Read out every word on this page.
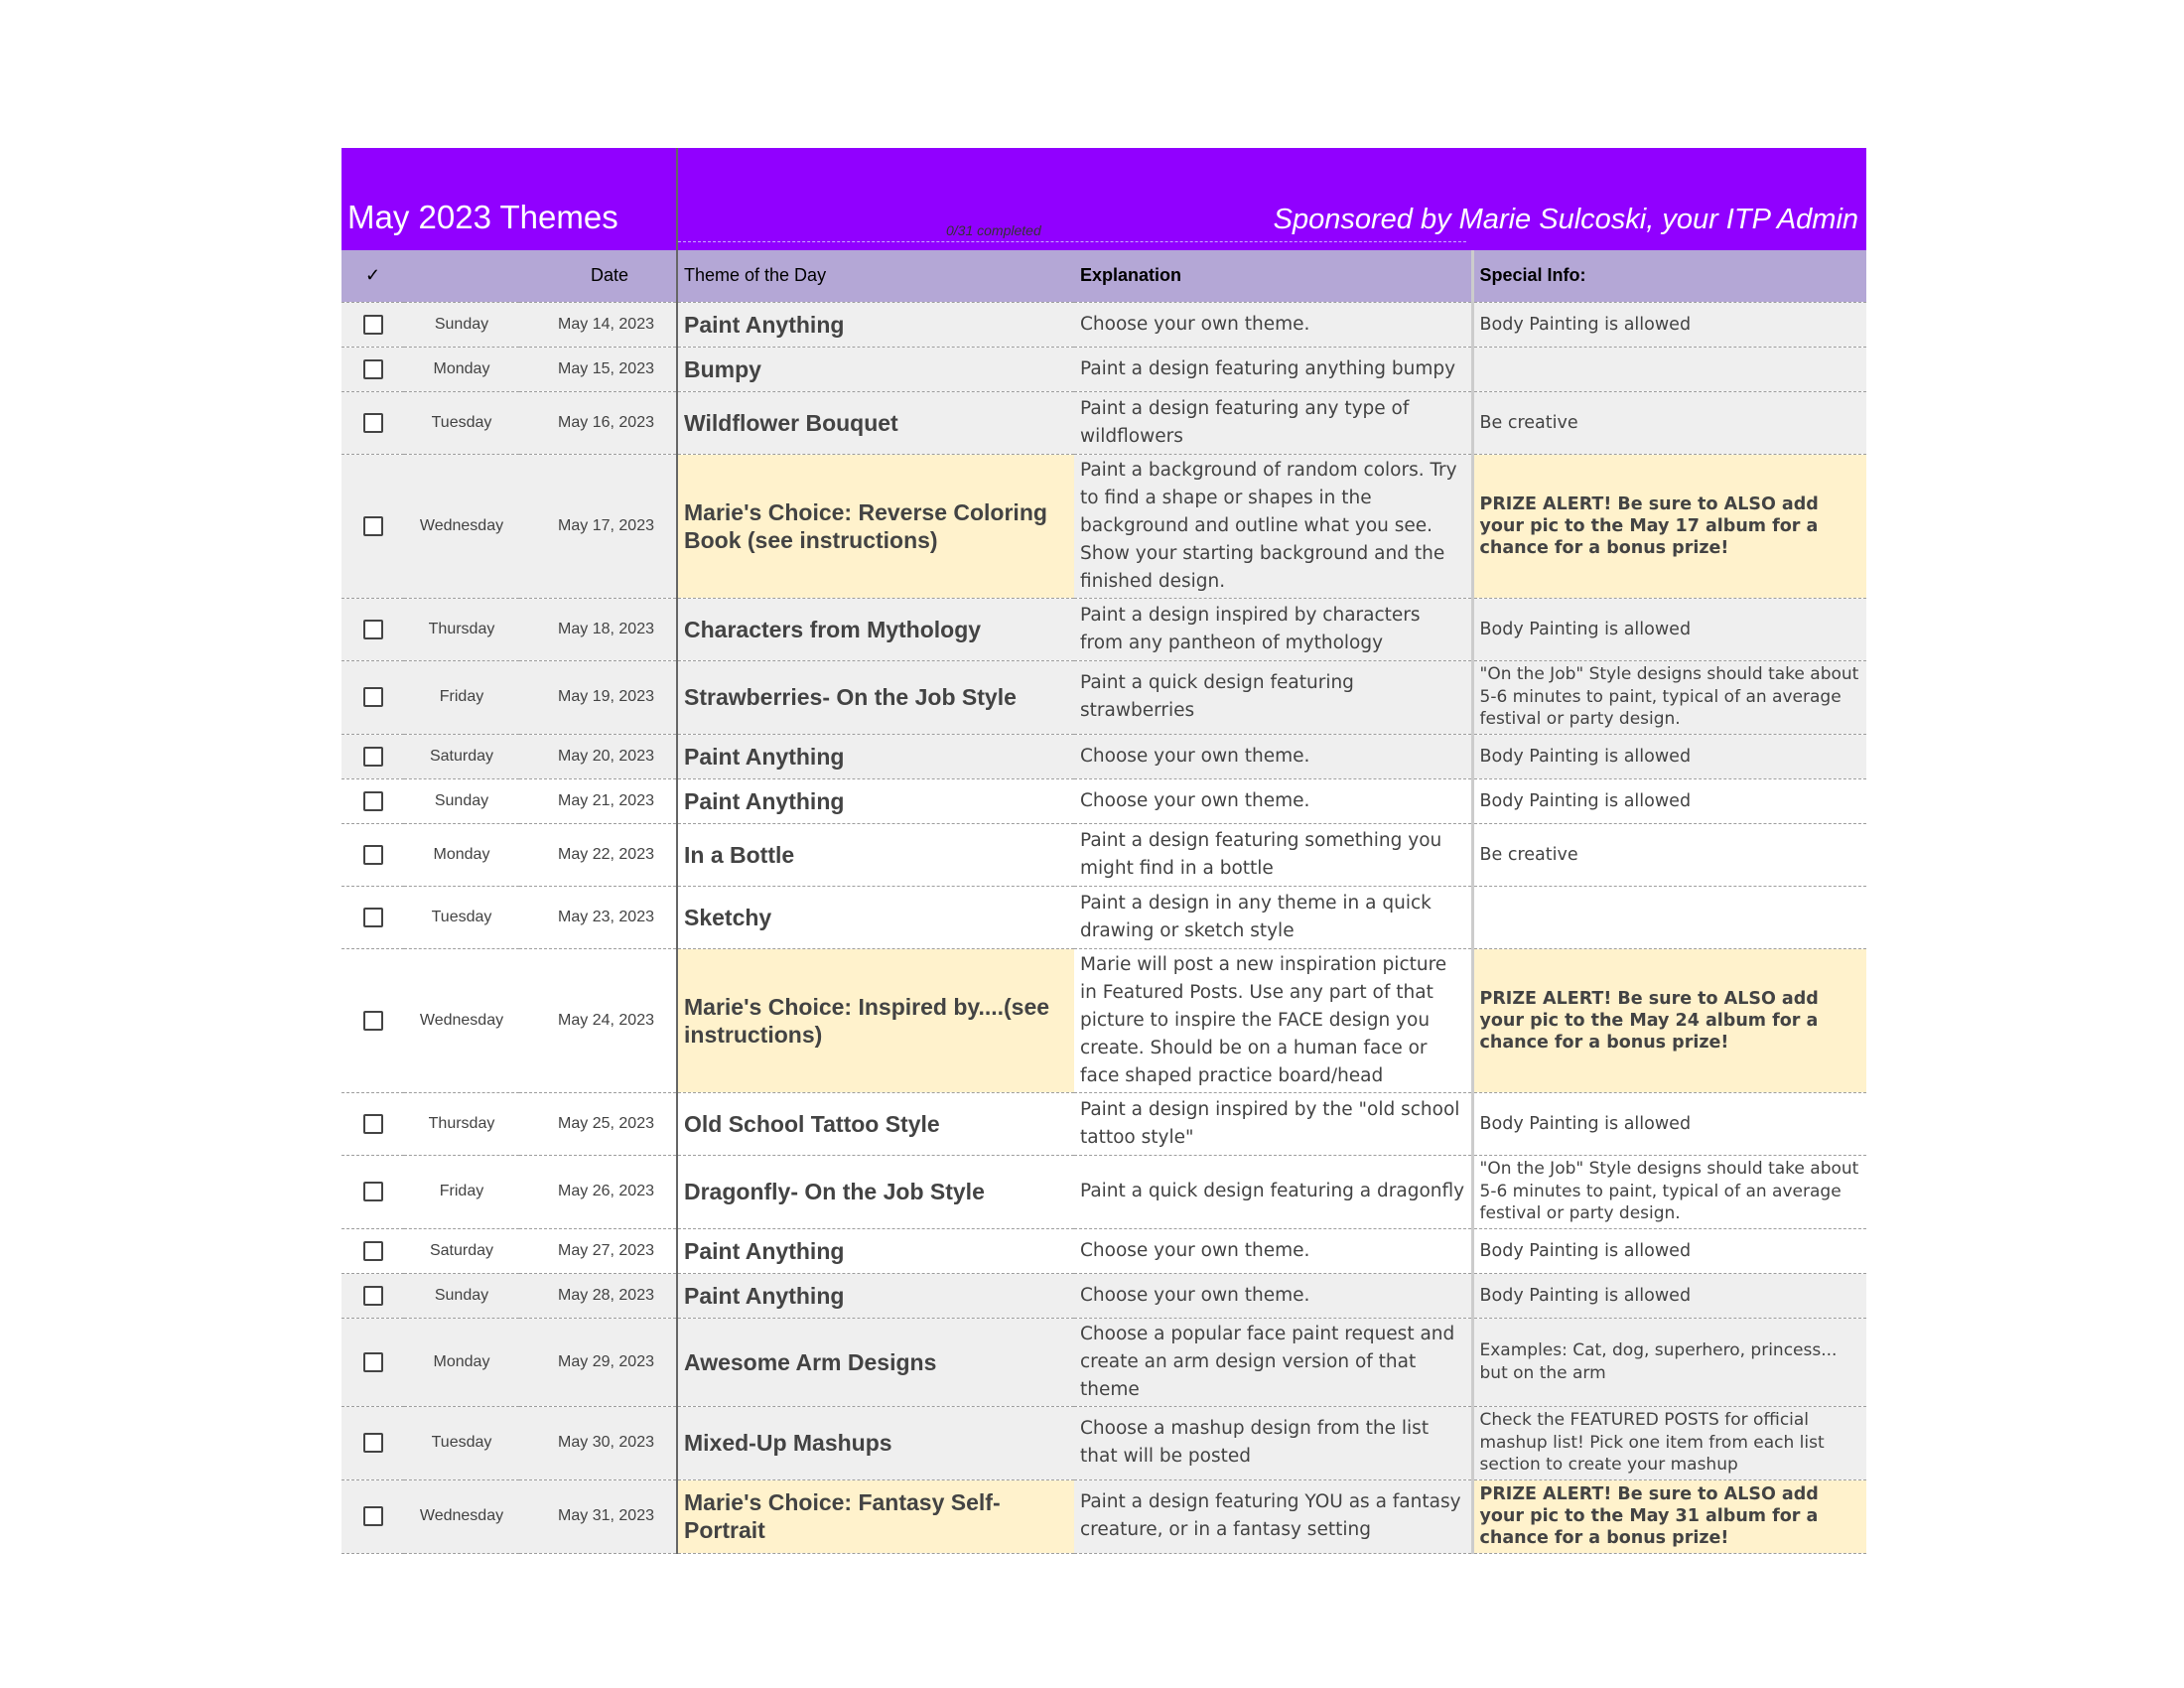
May 2023 Themes			0/31 completed Sponsored by Marie Sulcoski, your ITP Admin		

✓		Date	Theme of the Day	Explanation	Special Info:
	Sunday	May 14, 2023	Paint Anything	Choose your own theme.	Body Painting is allowed
	Monday	May 15, 2023	Bumpy	Paint a design featuring anything bumpy	
	Tuesday	May 16, 2023	Wildflower Bouquet	Paint a design featuring any type of wildflowers	Be creative
	Wednesday	May 17, 2023	Marie's Choice: Reverse Coloring Book (see instructions)	Paint a background of random colors. Try to find a shape or shapes in the background and outline what you see. Show your starting background and the finished design.	PRIZE ALERT! Be sure to ALSO add your pic to the May 17 album for a chance for a bonus prize!
	Thursday	May 18, 2023	Characters from Mythology	Paint a design inspired by characters from any pantheon of mythology	Body Painting is allowed
	Friday	May 19, 2023	Strawberries- On the Job Style	Paint a quick design featuring strawberries	"On the Job" Style designs should take about 5-6 minutes to paint, typical of an average festival or party design.
	Saturday	May 20, 2023	Paint Anything	Choose your own theme.	Body Painting is allowed
	Sunday	May 21, 2023	Paint Anything	Choose your own theme.	Body Painting is allowed
	Monday	May 22, 2023	In a Bottle	Paint a design featuring something you might find in a bottle	Be creative
	Tuesday	May 23, 2023	Sketchy	Paint a design in any theme in a quick drawing or sketch style	
	Wednesday	May 24, 2023	Marie's Choice: Inspired by....(see instructions)	Marie will post a new inspiration picture in Featured Posts. Use any part of that picture to inspire the FACE design you create. Should be on a human face or face shaped practice board/head	PRIZE ALERT! Be sure to ALSO add your pic to the May 24 album for a chance for a bonus prize!
	Thursday	May 25, 2023	Old School Tattoo Style	Paint a design inspired by the "old school tattoo style"	Body Painting is allowed
	Friday	May 26, 2023	Dragonfly- On the Job Style	Paint a quick design featuring a dragonfly	"On the Job" Style designs should take about 5-6 minutes to paint, typical of an average festival or party design.
	Saturday	May 27, 2023	Paint Anything	Choose your own theme.	Body Painting is allowed
	Sunday	May 28, 2023	Paint Anything	Choose your own theme.	Body Painting is allowed
	Monday	May 29, 2023	Awesome Arm Designs	Choose a popular face paint request and create an arm design version of that theme	Examples: Cat, dog, superhero, princess... but on the arm
	Tuesday	May 30, 2023	Mixed-Up Mashups	Choose a mashup design from the list that will be posted	Check the FEATURED POSTS for official mashup list! Pick one item from each list section to create your mashup
	Wednesday	May 31, 2023	Marie's Choice: Fantasy Self-Portrait	Paint a design featuring YOU as a fantasy creature, or in a fantasy setting	PRIZE ALERT! Be sure to ALSO add your pic to the May 31 album for a chance for a bonus prize!
